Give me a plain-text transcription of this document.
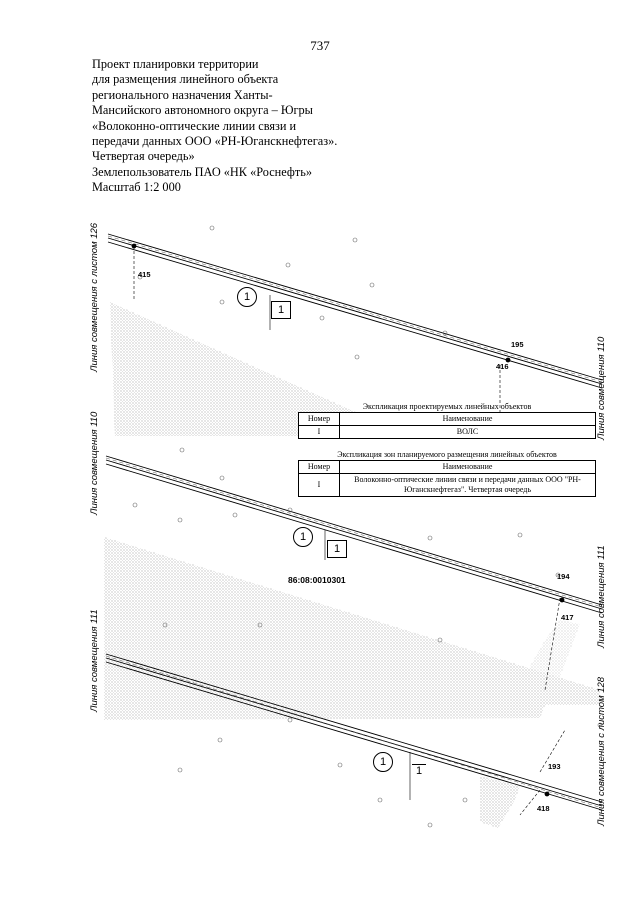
737
Проект планировки территории
для размещения линейного объекта
регионального назначения Ханты-
Мансийского автономного округа – Югры
«Волоконно-оптические линии связи и
передачи данных ООО «РН-Юганскнефтегаз».
Четвертая очередь»
Землепользователь ПАО «НК «Роснефть»
Масштаб 1:2 000
Линия совмещения с листом 126
Линия совмещения 110
Линия совмещения 110
Линия совмещения 111
Линия совмещения 111
Линия совмещения с листом 128
415
195
416
194
417
193
418
86:08:0010301
1
1
1
1
1
1
Экспликация проектируемых линейных объектов
Номер	Наименование
I	ВОЛС
Экспликация зон планируемого размещения линейных объектов
Номер	Наименование
I	Волоконно-оптические линии связи и передачи данных ООО "РН-Юганскнефтегаз". Четвертая очередь
